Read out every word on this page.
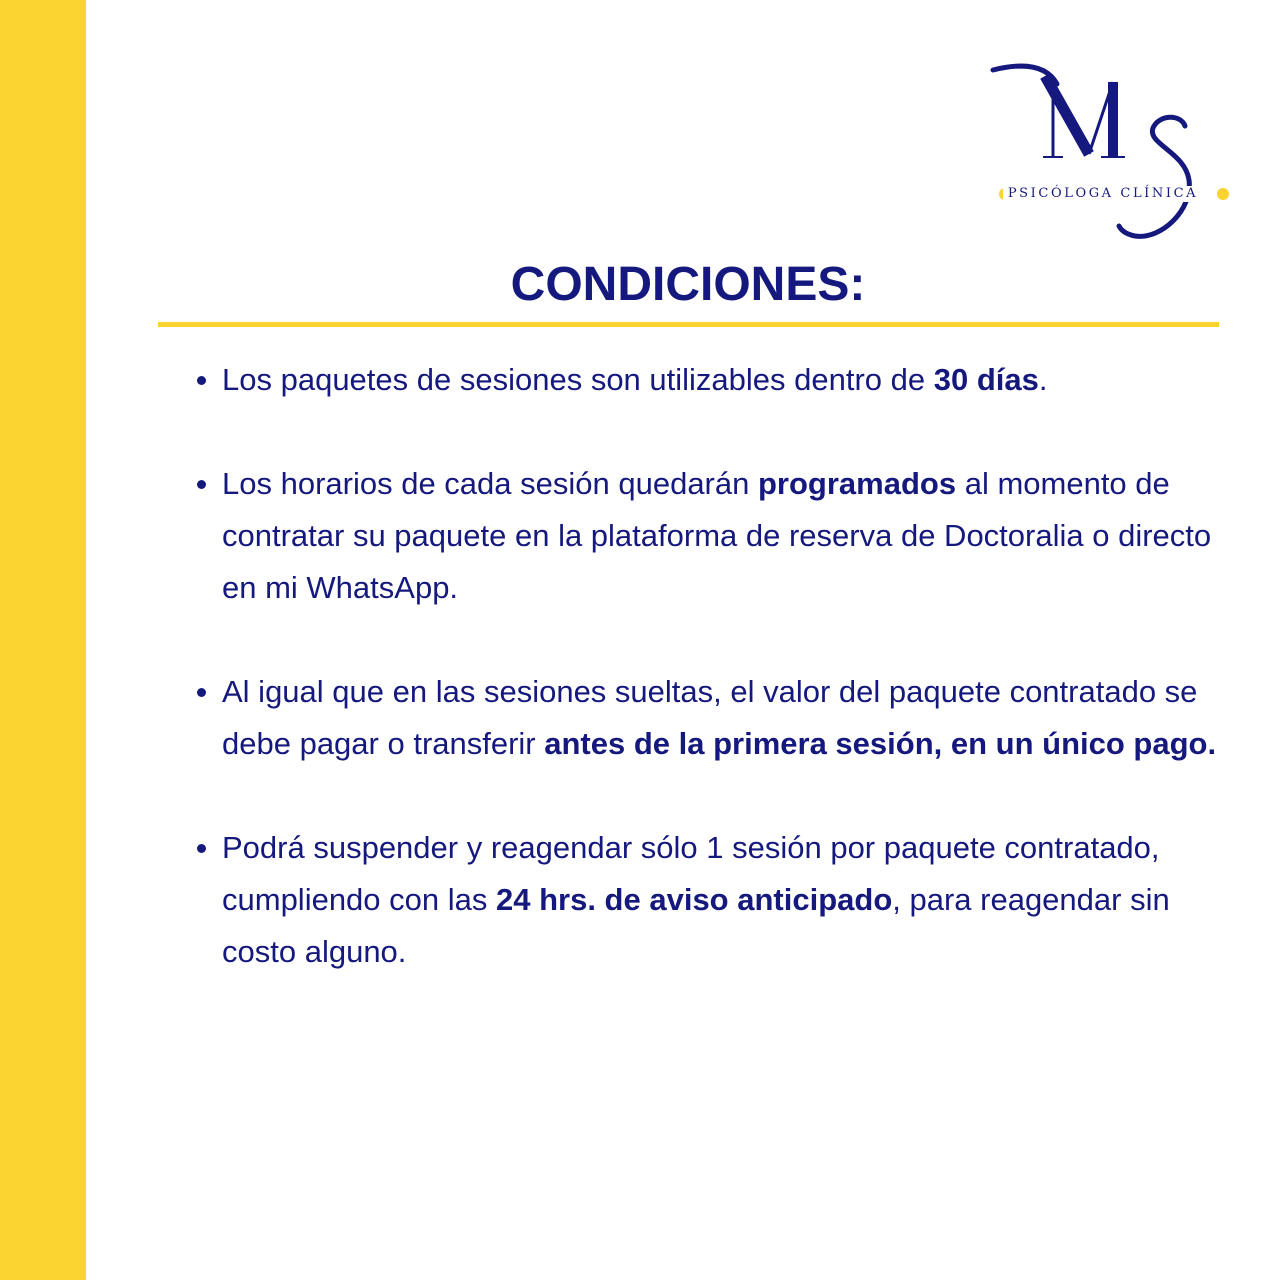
PSICÓLOGA CLÍNICA
CONDICIONES:
Los paquetes de sesiones son utilizables dentro de 30 días.
Los horarios de cada sesión quedarán programados al momento de contratar su paquete en la plataforma de reserva de Doctoralia o directo en mi WhatsApp.
Al igual que en las sesiones sueltas, el valor del paquete contratado se debe pagar o transferir antes de la primera sesión, en un único pago.
Podrá suspender y reagendar sólo 1 sesión por paquete contratado, cumpliendo con las 24 hrs. de aviso anticipado, para reagendar sin costo alguno.
